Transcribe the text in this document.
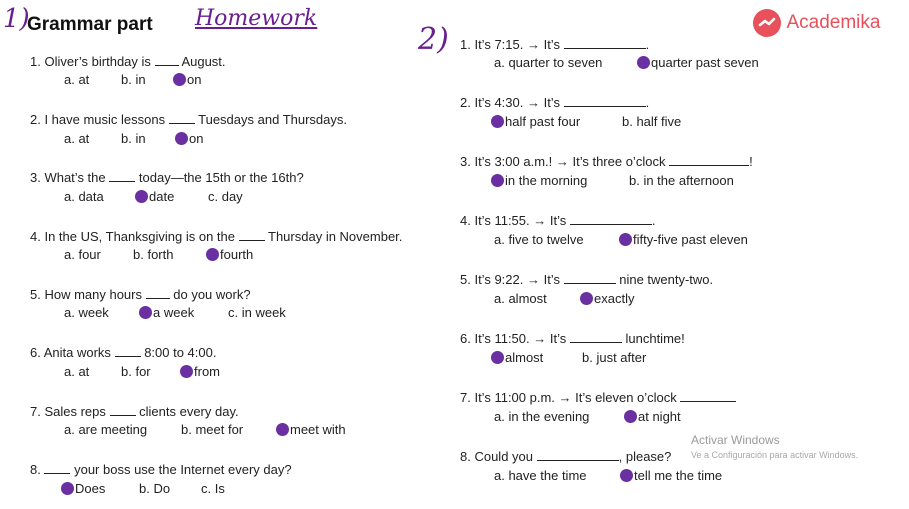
1)
Grammar part Homework
2)	Academika
1. Oliver’s birthday is August.
a. at b. in	on
2. I have music lessons	Tuesdays and Thursdays.
a. at b. in	on
3. What’s the	today—the 15th or the 16th?
a. data	date	c. day
4. In the US, Thanksgiving is on the	Thursday in November.
a. four b. forth	fourth
5. How many hours do you work?
a. week	a week	c. in week
6. Anita works	8:00 to 4:00.
a. at b. for	from
7. Sales reps	clients every day.
a. are meeting	b. meet for	meet with
8.	your boss use the Internet every day?
Does	b. Do c. Is
1. It’s 7:15. → It’s	.
a. quarter to seven	quarter past seven
2. It’s 4:30. → It’s	.
half past four	b. half five
3. It’s 3:00 a.m.! → It’s three o’clock	!
in the morning	b. in the afternoon
4. It’s 11:55. → It’s	.
a. five to twelve	fifty-five past eleven
5. It’s 9:22. → It’s	nine twenty-two.
a. almost	exactly
6. It’s 11:50. → It’s	lunchtime!
almost	b. just after
7. It’s 11:00 p.m. → It’s eleven o’clock
a. in the evening	at night
8. Could you	, please?
a. have the time	tell me the time
Activar Windows
Ve a Configuración para activar Windows.
